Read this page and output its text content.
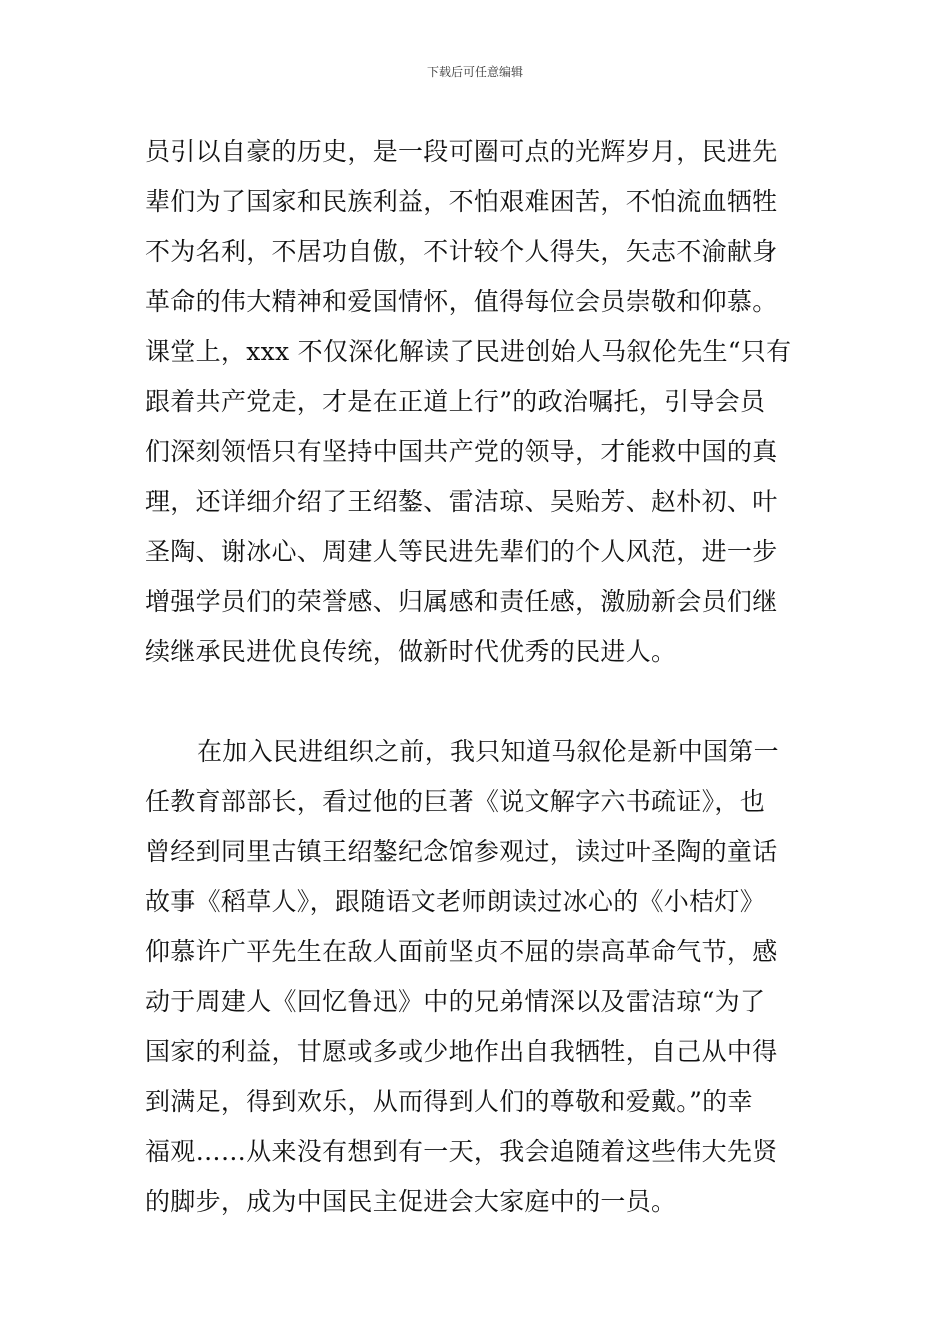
下载后可任意编辑
员引以自豪的历史，是一段可圈可点的光辉岁月，民进先
辈们为了国家和民族利益，不怕艰难困苦，不怕流血牺牲
不为名利，不居功自傲，不计较个人得失，矢志不渝献身
革命的伟大精神和爱国情怀，值得每位会员崇敬和仰慕。
课堂上，xxx 不仅深化解读了民进创始人马叙伦先生“只有
跟着共产党走，才是在正道上行”的政治嘱托，引导会员
们深刻领悟只有坚持中国共产党的领导，才能救中国的真
理，还详细介绍了王绍鏊、雷洁琼、吴贻芳、赵朴初、叶
圣陶、谢冰心、周建人等民进先辈们的个人风范，进一步
增强学员们的荣誉感、归属感和责任感，激励新会员们继
续继承民进优良传统，做新时代优秀的民进人。
在加入民进组织之前，我只知道马叙伦是新中国第一
任教育部部长，看过他的巨著《说文解字六书疏证》，也
曾经到同里古镇王绍鏊纪念馆参观过，读过叶圣陶的童话
故事《稻草人》，跟随语文老师朗读过冰心的《小桔灯》
仰慕许广平先生在敌人面前坚贞不屈的崇高革命气节，感
动于周建人《回忆鲁迅》中的兄弟情深以及雷洁琼“为了
国家的利益，甘愿或多或少地作出自我牺牲，自己从中得
到满足，得到欢乐，从而得到人们的尊敬和爱戴。”的幸
福观……从来没有想到有一天，我会追随着这些伟大先贤
的脚步，成为中国民主促进会大家庭中的一员。
